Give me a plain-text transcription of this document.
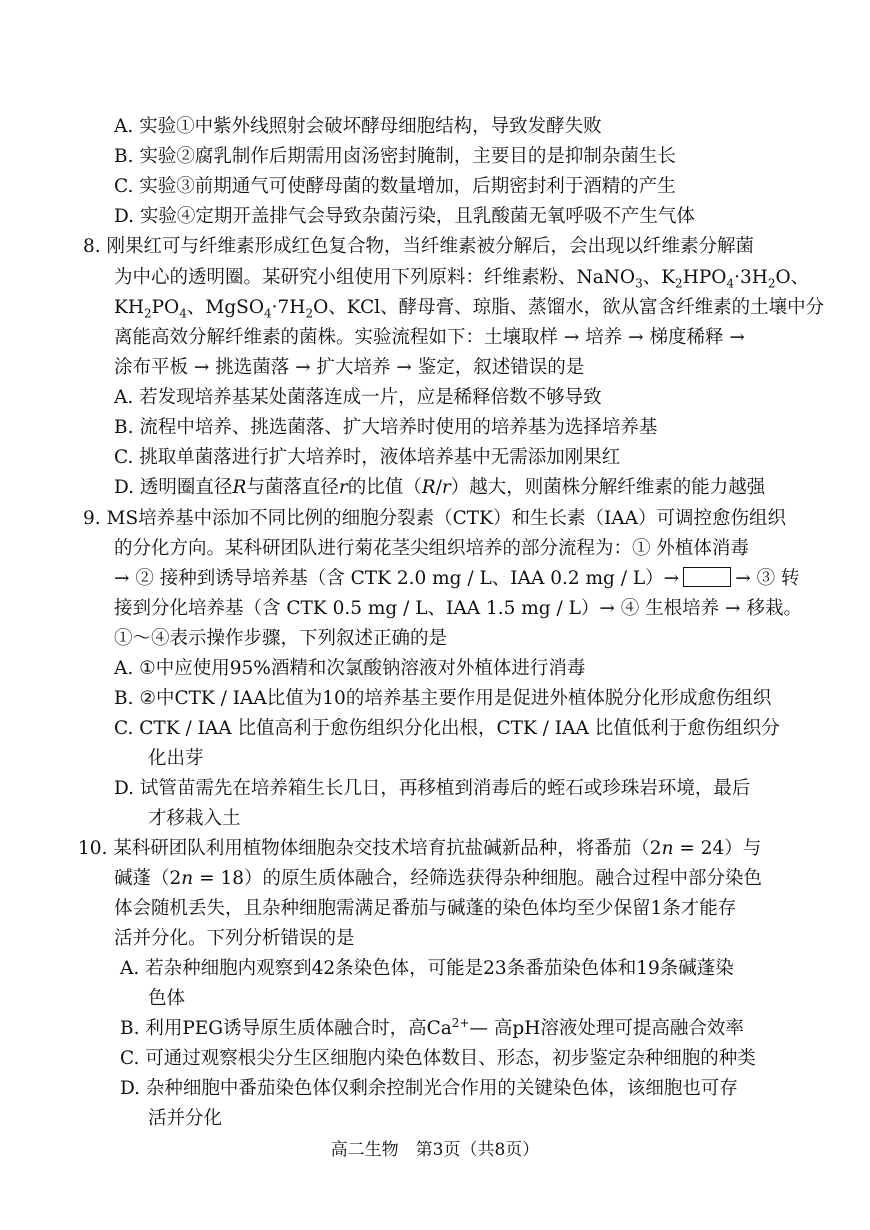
A. 实验①中紫外线照射会破坏酵母细胞结构，导致发酵失败
B. 实验②腐乳制作后期需用卤汤密封腌制，主要目的是抑制杂菌生长
C. 实验③前期通气可使酵母菌的数量增加，后期密封利于酒精的产生
D. 实验④定期开盖排气会导致杂菌污染，且乳酸菌无氧呼吸不产生气体
8. 刚果红可与纤维素形成红色复合物，当纤维素被分解后，会出现以纤维素分解菌
为中心的透明圈。某研究小组使用下列原料：纤维素粉、NaNO$_3$、$K_2HPO_4\cdot 3H_2O$、
$KH_2PO_4$、$MgSO_4\cdot 7H_2O$、KCl、酵母膏、琼脂、蒸馏水，欲从富含纤维素的土壤中分
离能高效分解纤维素的菌株。实验流程如下：土壤取样 → 培养 → 梯度稀释 →
涂布平板 → 挑选菌落 → 扩大培养 → 鉴定，叙述错误的是
A. 若发现培养基某处菌落连成一片，应是稀释倍数不够导致
B. 流程中培养、挑选菌落、扩大培养时使用的培养基为选择培养基
C. 挑取单菌落进行扩大培养时，液体培养基中无需添加刚果红
D. 透明圈直径R与菌落直径r的比值（R/r）越大，则菌株分解纤维素的能力越强
9. MS培养基中添加不同比例的细胞分裂素（CTK）和生长素（IAA）可调控愈伤组织
的分化方向。某科研团队进行菊花茎尖组织培养的部分流程为：① 外植体消毒
→ ② 接种到诱导培养基（含 CTK 2.0 mg / L、IAA 0.2 mg / L）→	→ ③ 转
接到分化培养基（含 CTK 0.5 mg / L、IAA 1.5 mg / L）→ ④ 生根培养 → 移栽。
①～④表示操作步骤，下列叙述正确的是
A. ①中应使用95%酒精和次氯酸钠溶液对外植体进行消毒
B. ②中CTK / IAA比值为10的培养基主要作用是促进外植体脱分化形成愈伤组织
C. CTK / IAA 比值高利于愈伤组织分化出根，CTK / IAA 比值低利于愈伤组织分
化出芽
D. 试管苗需先在培养箱生长几日，再移植到消毒后的蛭石或珍珠岩环境，最后
才移栽入土
10. 某科研团队利用植物体细胞杂交技术培育抗盐碱新品种，将番茄（2n = 24）与
碱蓬（2n = 18）的原生质体融合，经筛选获得杂种细胞。融合过程中部分染色
体会随机丢失，且杂种细胞需满足番茄与碱蓬的染色体均至少保留1条才能存
活并分化。下列分析错误的是
A. 若杂种细胞内观察到42条染色体，可能是23条番茄染色体和19条碱蓬染
色体
B. 利用PEG诱导原生质体融合时，高$Ca^{2+}—$ 高pH溶液处理可提高融合效率
C. 可通过观察根尖分生区细胞内染色体数目、形态，初步鉴定杂种细胞的种类
D. 杂种细胞中番茄染色体仅剩余控制光合作用的关键染色体，该细胞也可存
活并分化
高二生物　第3页（共8页）
